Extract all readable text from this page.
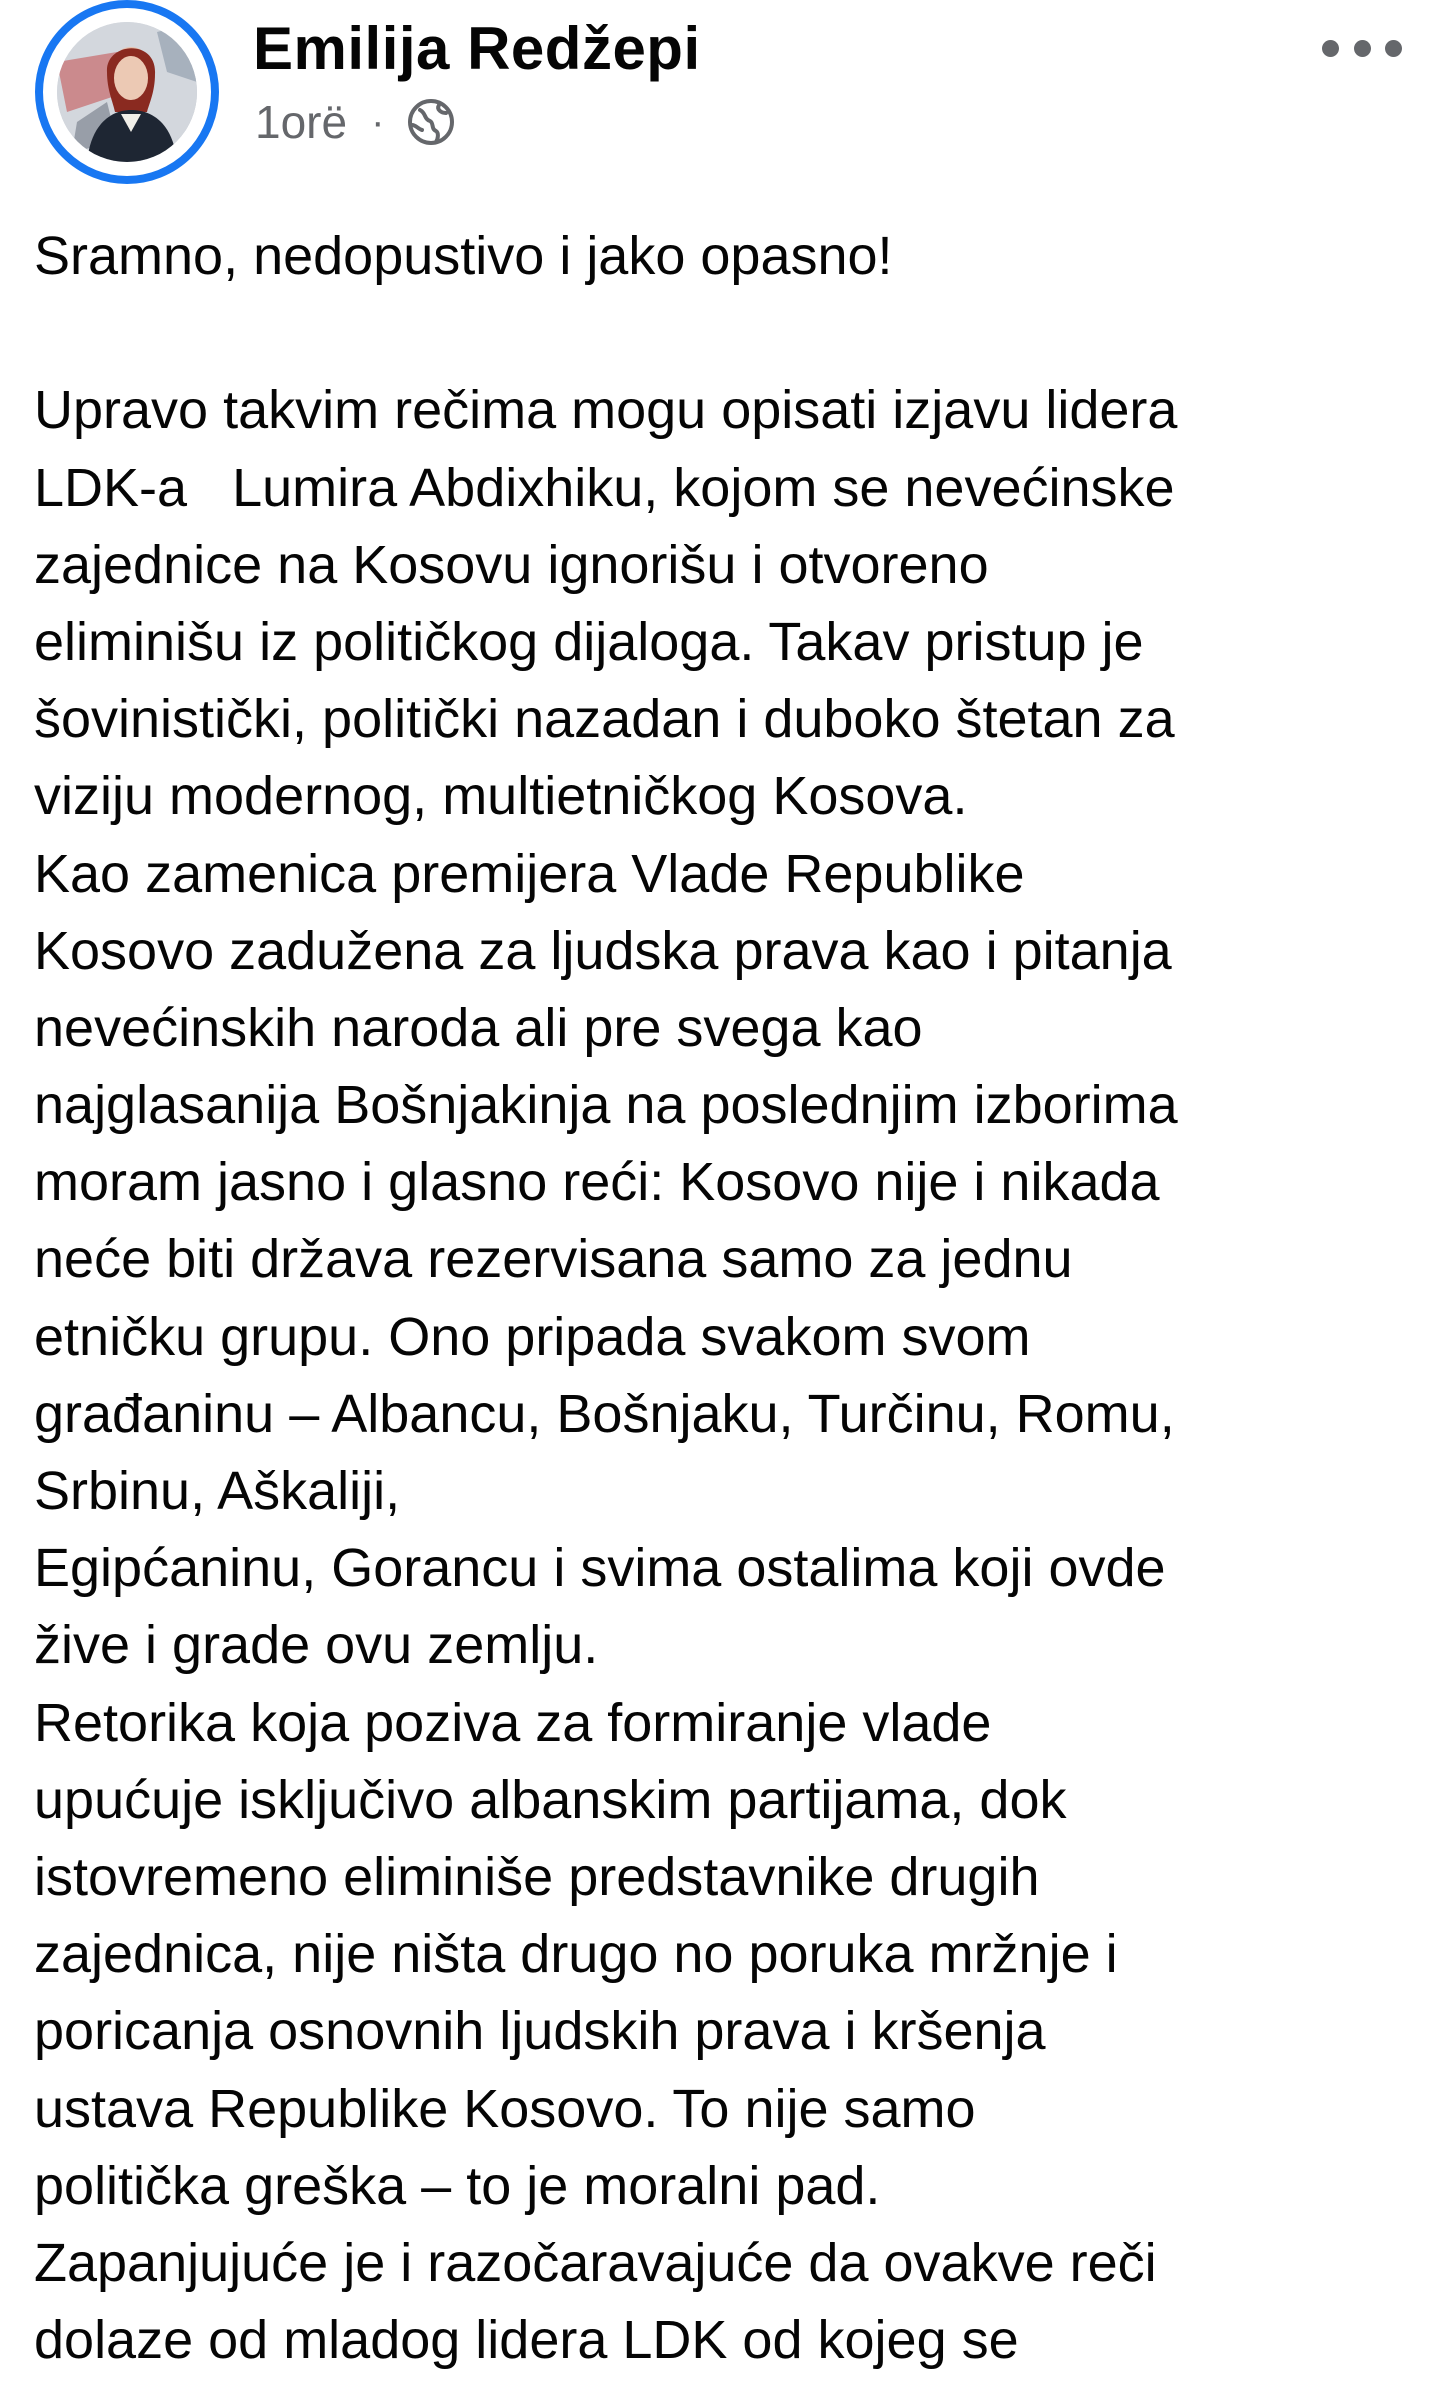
Emilija Redžepi
1orë ·
Sramno, nedopustivo i jako opasno!
Upravo takvim rečima mogu opisati izjavu lidera
LDK-a   Lumira Abdixhiku, kojom se nevećinske
zajednice na Kosovu ignorišu i otvoreno
eliminišu iz političkog dijaloga. Takav pristup je
šovinistički, politički nazadan i duboko štetan za
viziju modernog, multietničkog Kosova.
Kao zamenica premijera Vlade Republike
Kosovo zadužena za ljudska prava kao i pitanja
nevećinskih naroda ali pre svega kao
najglasanija Bošnjakinja na poslednjim izborima
moram jasno i glasno reći: Kosovo nije i nikada
neće biti država rezervisana samo za jednu
etničku grupu. Ono pripada svakom svom
građaninu – Albancu, Bošnjaku, Turčinu, Romu,
Srbinu, Aškaliji,
Egipćaninu, Gorancu i svima ostalima koji ovde
žive i grade ovu zemlju.
Retorika koja poziva za formiranje vlade
upućuje isključivo albanskim partijama, dok
istovremeno eliminiše predstavnike drugih
zajednica, nije ništa drugo no poruka mržnje i
poricanja osnovnih ljudskih prava i kršenja
ustava Republike Kosovo. To nije samo
politička greška – to je moralni pad.
Zapanjujuće je i razočaravajuće da ovakve reči
dolaze od mladog lidera LDK od kojeg se
